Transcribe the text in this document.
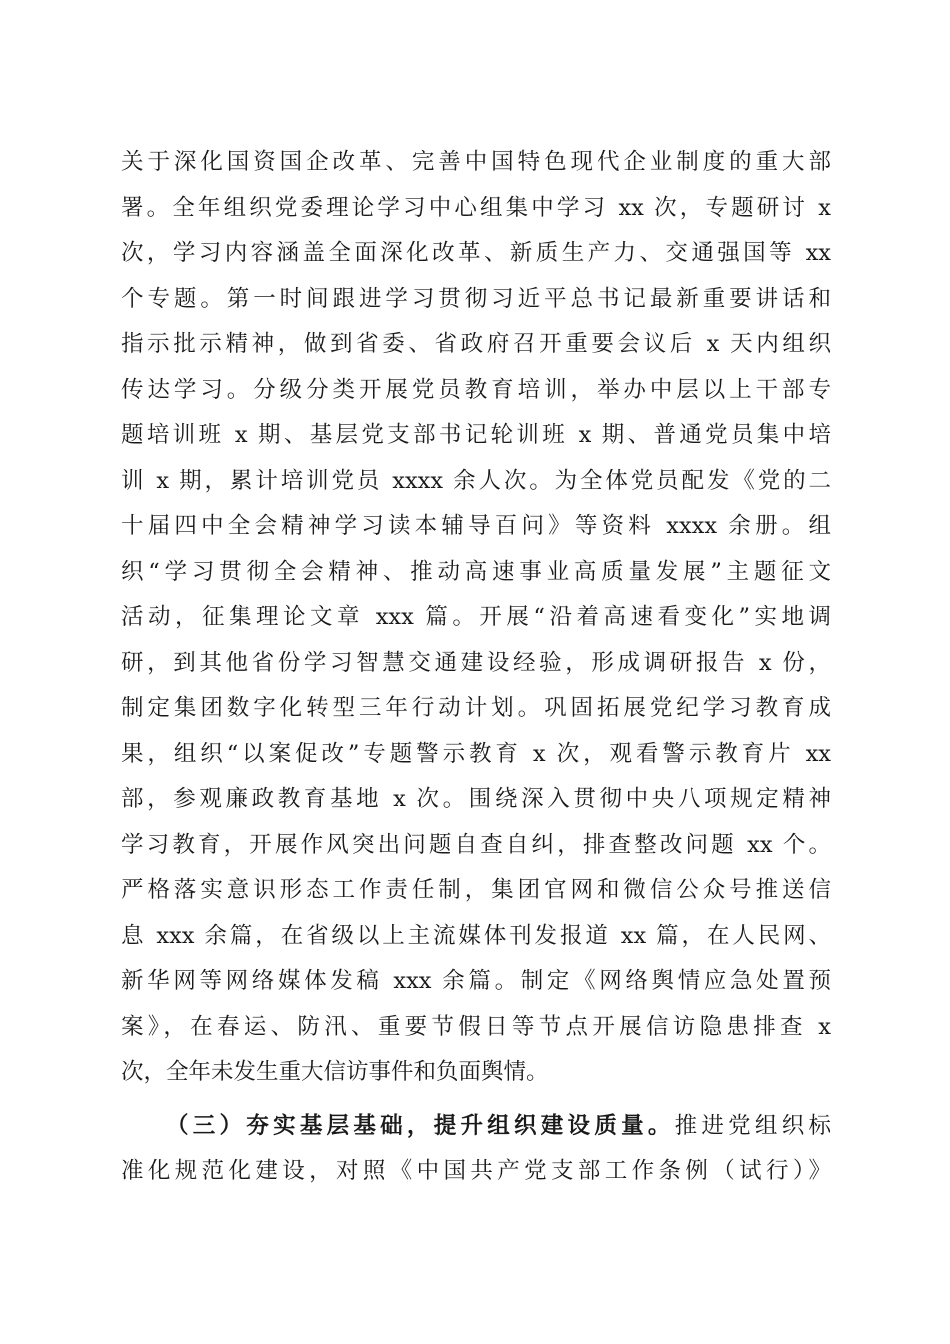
关于深化国资国企改革、完善中国特色现代企业制度的重大部
署。全年组织党委理论学习中心组集中学习 xx 次，专题研讨 x
次，学习内容涵盖全面深化改革、新质生产力、交通强国等 xx
个专题。第一时间跟进学习贯彻习近平总书记最新重要讲话和
指示批示精神，做到省委、省政府召开重要会议后 x 天内组织
传达学习。分级分类开展党员教育培训，举办中层以上干部专
题培训班 x 期、基层党支部书记轮训班 x 期、普通党员集中培
训 x 期，累计培训党员 xxxx 余人次。为全体党员配发《党的二
十届四中全会精神学习读本辅导百问》等资料 xxxx 余册。组
织“学习贯彻全会精神、推动高速事业高质量发展”主题征文
活动，征集理论文章 xxx 篇。开展“沿着高速看变化”实地调
研，到其他省份学习智慧交通建设经验，形成调研报告 x 份，
制定集团数字化转型三年行动计划。巩固拓展党纪学习教育成
果，组织“以案促改”专题警示教育 x 次，观看警示教育片 xx
部，参观廉政教育基地 x 次。围绕深入贯彻中央八项规定精神
学习教育，开展作风突出问题自查自纠，排查整改问题 xx 个。
严格落实意识形态工作责任制，集团官网和微信公众号推送信
息 xxx 余篇，在省级以上主流媒体刊发报道 xx 篇，在人民网、
新华网等网络媒体发稿 xxx 余篇。制定《网络舆情应急处置预
案》，在春运、防汛、重要节假日等节点开展信访隐患排查 x
次，全年未发生重大信访事件和负面舆情。
（三）夯实基层基础，提升组织建设质量。推进党组织标
准化规范化建设，对照《中国共产党支部工作条例（试行）》
